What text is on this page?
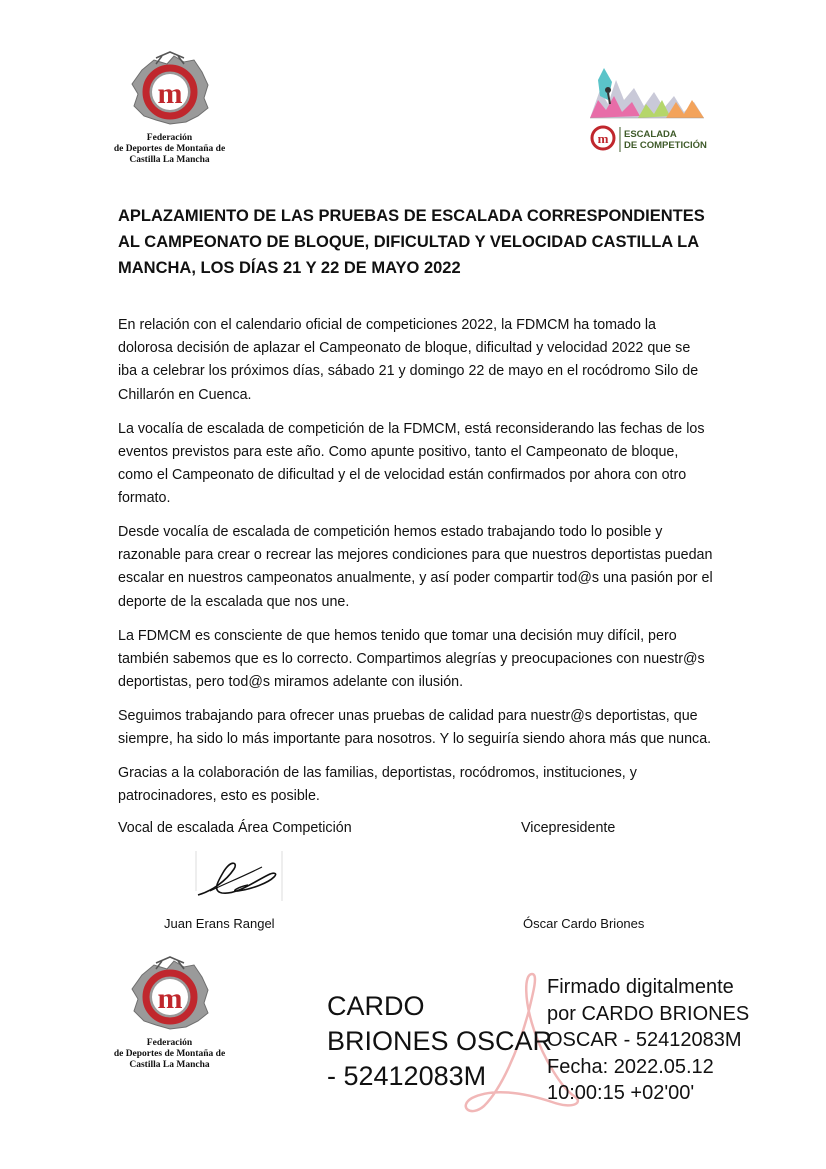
m
Federación
de Deportes de Montaña de
Castilla La Mancha
m ESCALADA
DE COMPETICIÓN
APLAZAMIENTO DE LAS PRUEBAS DE ESCALADA CORRESPONDIENTES AL CAMPEONATO DE BLOQUE, DIFICULTAD Y VELOCIDAD CASTILLA LA MANCHA, LOS DÍAS 21 Y 22 DE MAYO 2022

En relación con el calendario oficial de competiciones 2022, la FDMCM ha tomado la dolorosa decisión de aplazar el Campeonato de bloque, dificultad y velocidad 2022 que se iba a celebrar los próximos días, sábado 21 y domingo 22 de mayo en el rocódromo Silo de Chillarón en Cuenca.

La vocalía de escalada de competición de la FDMCM, está reconsiderando las fechas de los eventos previstos para este año. Como apunte positivo, tanto el Campeonato de bloque, como el Campeonato de dificultad y el de velocidad están confirmados por ahora con otro formato.

Desde vocalía de escalada de competición hemos estado trabajando todo lo posible y razonable para crear o recrear las mejores condiciones para que nuestros deportistas puedan escalar en nuestros campeonatos anualmente, y así poder compartir tod@s una pasión por el deporte de la escalada que nos une.

La FDMCM es consciente de que hemos tenido que tomar una decisión muy difícil, pero también sabemos que es lo correcto. Compartimos alegrías y preocupaciones con nuestr@s deportistas, pero tod@s miramos adelante con ilusión.

Seguimos trabajando para ofrecer unas pruebas de calidad para nuestr@s deportistas, que siempre, ha sido lo más importante para nosotros. Y lo seguiría siendo ahora más que nunca.

Gracias a la colaboración de las familias, deportistas, rocódromos, instituciones, y patrocinadores, esto es posible.

Vocal de escalada Área Competición	Vicepresidente
Juan Erans Rangel	Óscar Cardo Briones
m
Federación
de Deportes de Montaña de
Castilla La Mancha
CARDO
BRIONES OSCAR
- 52412083M
Firmado digitalmente
por CARDO BRIONES
OSCAR - 52412083M
Fecha: 2022.05.12
10:00:15 +02'00'
